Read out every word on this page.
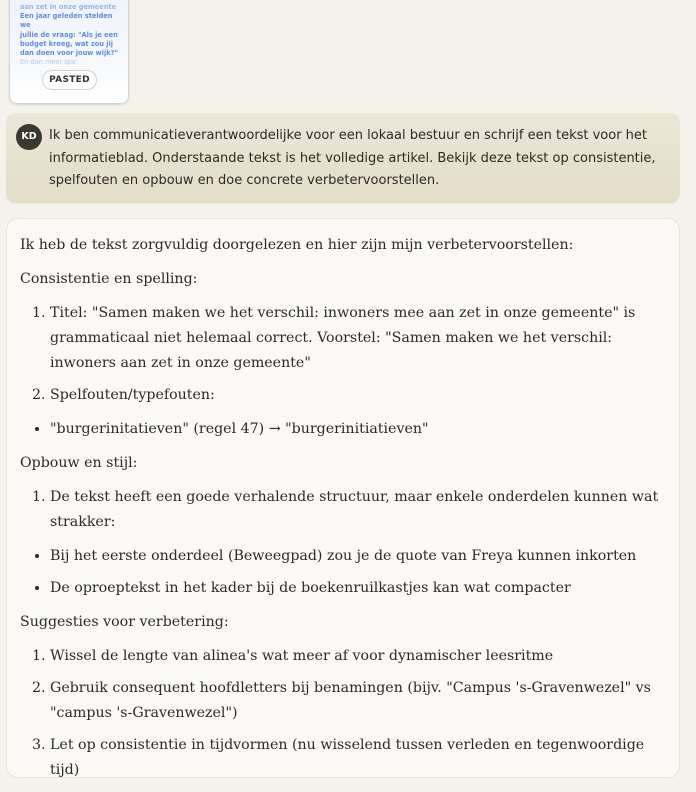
aan zet in onze gemeente
Een jaar geleden stelden we
jullie de vraag: "Als je een
budget kreeg, wat zou jij
dan doen voor jouw wijk?"
En dan meer spe
PASTED
KD Ik ben communicatieverantwoordelijke voor een lokaal bestuur en schrijf een tekst voor het informatieblad. Onderstaande tekst is het volledige artikel. Bekijk deze tekst op consistentie, spelfouten en opbouw en doe concrete verbetervoorstellen.

Ik heb de tekst zorgvuldig doorgelezen en hier zijn mijn verbetervoorstellen:

Consistentie en spelling:

1. Titel: "Samen maken we het verschil: inwoners mee aan zet in onze gemeente" is grammaticaal niet helemaal correct. Voorstel: "Samen maken we het verschil: inwoners aan zet in onze gemeente"
2. Spelfouten/typefouten:
• "burgerinitatieven" (regel 47) → "burgerinitiatieven"

Opbouw en stijl:

1. De tekst heeft een goede verhalende structuur, maar enkele onderdelen kunnen wat strakker:
• Bij het eerste onderdeel (Beweegpad) zou je de quote van Freya kunnen inkorten
• De oproeptekst in het kader bij de boekenruilkastjes kan wat compacter

Suggesties voor verbetering:

1. Wissel de lengte van alinea's wat meer af voor dynamischer leesritme
2. Gebruik consequent hoofdletters bij benamingen (bijv. "Campus 's-Gravenwezel" vs "campus 's-Gravenwezel")
3. Let op consistentie in tijdvormen (nu wisselend tussen verleden en tegenwoordige tijd)
